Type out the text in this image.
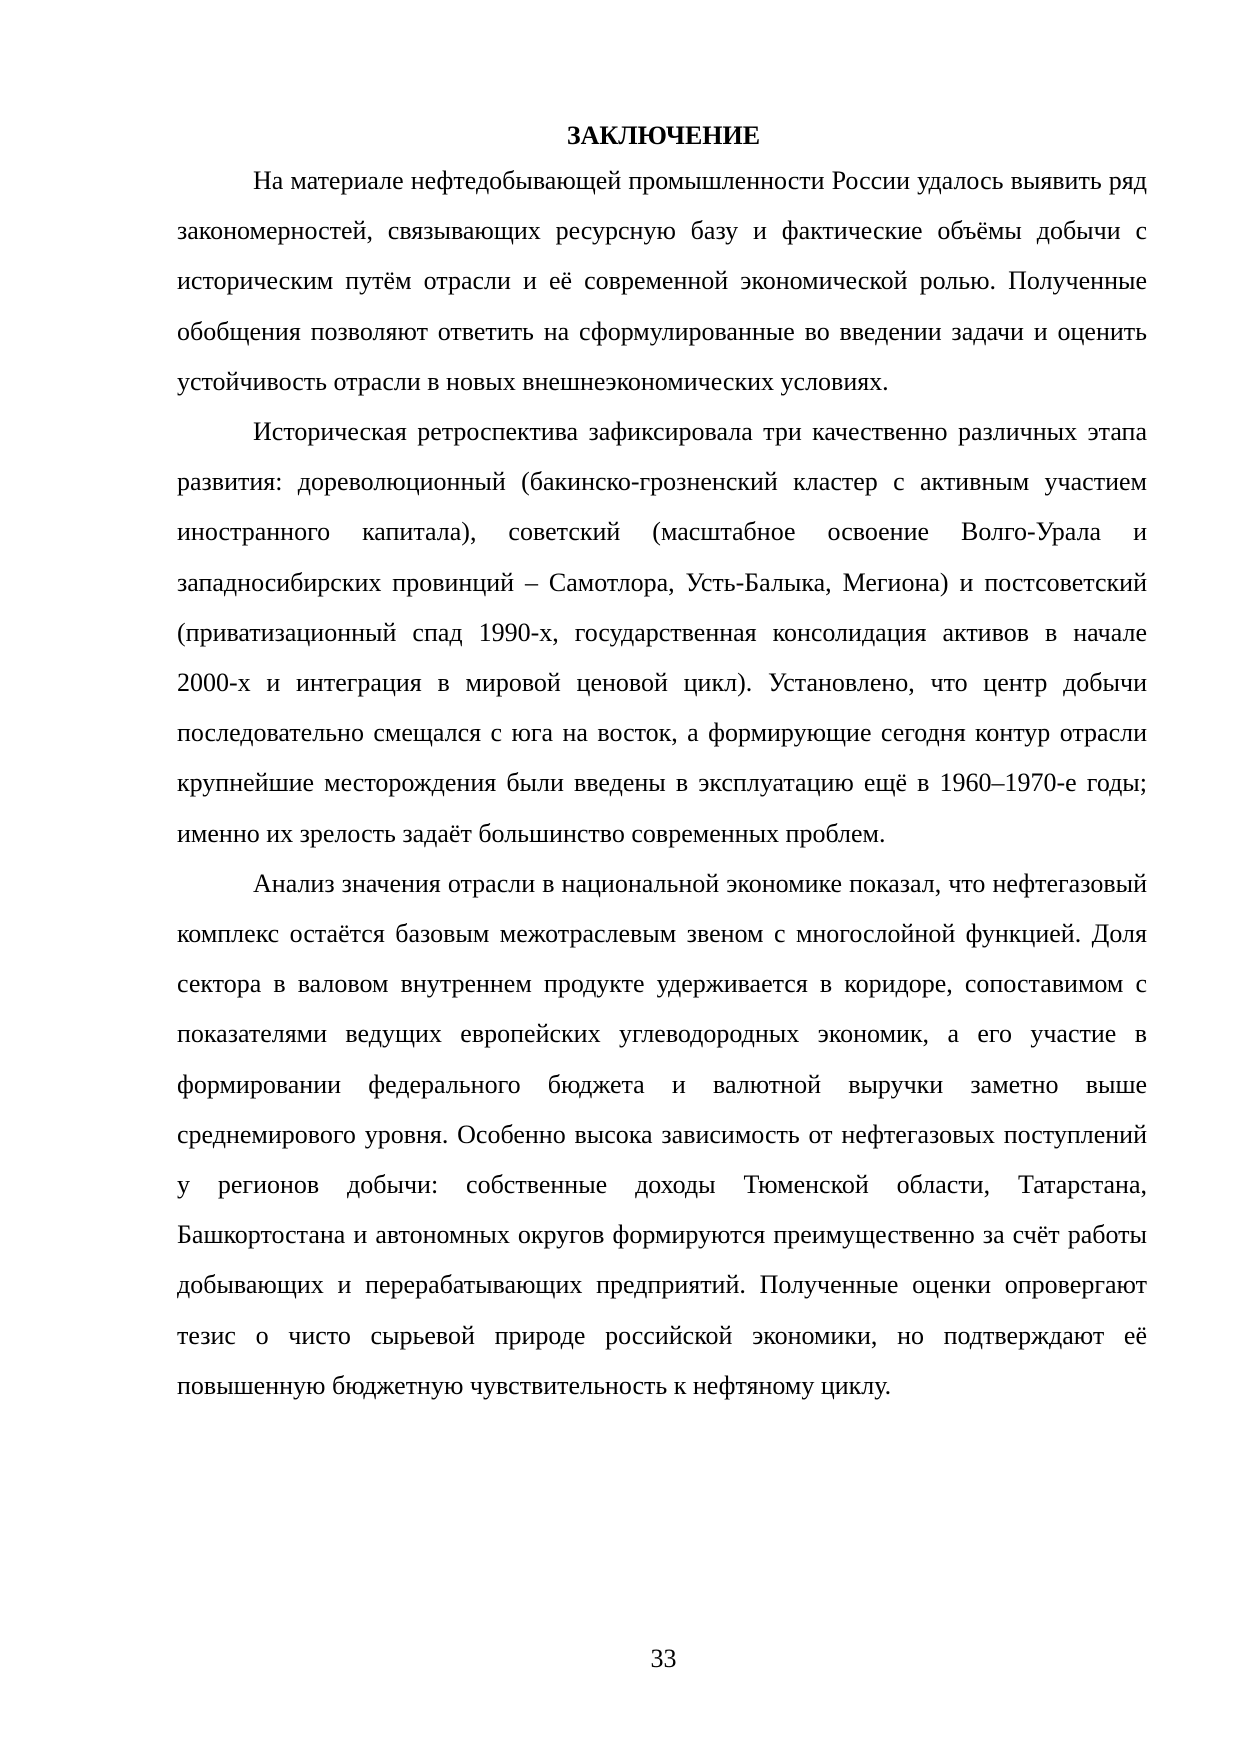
ЗАКЛЮЧЕНИЕ

На материале нефтедобывающей промышленности России удалось выявить ряд закономерностей, связывающих ресурсную базу и фактические объёмы добычи с историческим путём отрасли и её современной экономической ролью. Полученные обобщения позволяют ответить на сформулированные во введении задачи и оценить устойчивость отрасли в новых внешнеэкономических условиях.

Историческая ретроспектива зафиксировала три качественно различных этапа развития: дореволюционный (бакинско-грозненский кластер с активным участием иностранного капитала), советский (масштабное освоение Волго-Урала и западносибирских провинций – Самотлора, Усть-Балыка, Мегиона) и постсоветский (приватизационный спад 1990-х, государственная консолидация активов в начале 2000-х и интеграция в мировой ценовой цикл). Установлено, что центр добычи последовательно смещался с юга на восток, а формирующие сегодня контур отрасли крупнейшие месторождения были введены в эксплуатацию ещё в 1960–1970-е годы; именно их зрелость задаёт большинство современных проблем.

Анализ значения отрасли в национальной экономике показал, что нефтегазовый комплекс остаётся базовым межотраслевым звеном с многослойной функцией. Доля сектора в валовом внутреннем продукте удерживается в коридоре, сопоставимом с показателями ведущих европейских углеводородных экономик, а его участие в формировании федерального бюджета и валютной выручки заметно выше среднемирового уровня. Особенно высока зависимость от нефтегазовых поступлений у регионов добычи: собственные доходы Тюменской области, Татарстана, Башкортостана и автономных округов формируются преимущественно за счёт работы добывающих и перерабатывающих предприятий. Полученные оценки опровергают тезис о чисто сырьевой природе российской экономики, но подтверждают её повышенную бюджетную чувствительность к нефтяному циклу.

33
